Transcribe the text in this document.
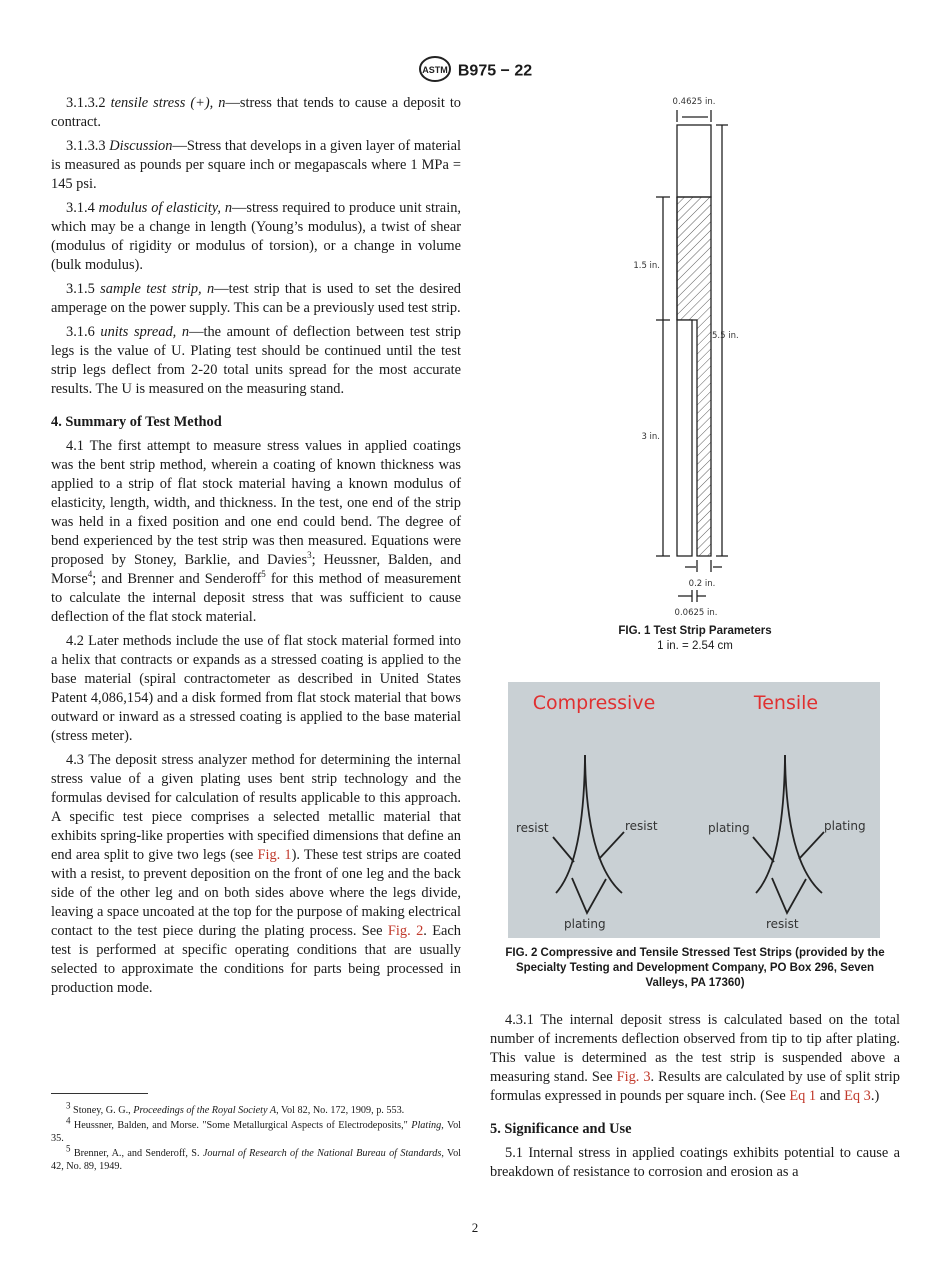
ASTM B975 − 22

3.1.3.2 tensile stress (+), n—stress that tends to cause a deposit to contract.

3.1.3.3 Discussion—Stress that develops in a given layer of material is measured as pounds per square inch or megapascals where 1 MPa = 145 psi.

3.1.4 modulus of elasticity, n—stress required to produce unit strain, which may be a change in length (Young’s modulus), a twist of shear (modulus of rigidity or modulus of torsion), or a change in volume (bulk modulus).

3.1.5 sample test strip, n—test strip that is used to set the desired amperage on the power supply. This can be a previously used test strip.

3.1.6 units spread, n—the amount of deflection between test strip legs is the value of U. Plating test should be continued until the test strip legs deflect from 2-20 total units spread for the most accurate results. The U is measured on the measuring stand.

4. Summary of Test Method

4.1 The first attempt to measure stress values in applied coatings was the bent strip method, wherein a coating of known thickness was applied to a strip of flat stock material having a known modulus of elasticity, length, width, and thickness. In the test, one end of the strip was held in a fixed position and one end could bend. The degree of bend experienced by the test strip was then measured. Equations were proposed by Stoney, Barklie, and Davies$^3$; Heussner, Balden, and Morse$^4$; and Brenner and Senderoff$^5$ for this method of measurement to calculate the internal deposit stress that was sufficient to cause deflection of the flat stock material.

4.2 Later methods include the use of flat stock material formed into a helix that contracts or expands as a stressed coating is applied to the base material (spiral contractometer as described in United States Patent 4,086,154) and a disk formed from flat stock material that bows outward or inward as a stressed coating is applied to the base material (stress meter).

4.3 The deposit stress analyzer method for determining the internal stress value of a given plating uses bent strip technology and the formulas devised for calculation of results applicable to this approach. A specific test piece comprises a selected metallic material that exhibits spring-like properties with specified dimensions that define an end area split to give two legs (see Fig. 1). These test strips are coated with a resist, to prevent deposition on the front of one leg and the back side of the other leg and on both sides above where the legs divide, leaving a space uncoated at the top for the purpose of making electrical contact to the test piece during the plating process. See Fig. 2. Each test is performed at specific operating conditions that are usually selected to approximate the conditions for parts being processed in production mode.

$^3$ Stoney, G. G., Proceedings of the Royal Society A, Vol 82, No. 172, 1909, p. 553.

$^4$ Heussner, Balden, and Morse. "Some Metallurgical Aspects of Electrodeposits," Plating, Vol 35.

$^5$ Brenner, A., and Senderoff, S. Journal of Research of the National Bureau of Standards, Vol 42, No. 89, 1949.

0.4625 in.
1.5 in.
5.5 in.
3 in.
0.2 in.
0.0625 in.
FIG. 1 Test Strip Parameters
1 in. = 2.54 cm
Compressive	Tensile
resist	resist
plating
plating	plating
resist
FIG. 2 Compressive and Tensile Stressed Test Strips (provided by the Specialty Testing and Development Company, PO Box 296, Seven Valleys, PA 17360)

4.3.1 The internal deposit stress is calculated based on the total number of increments deflection observed from tip to tip after plating. This value is determined as the test strip is suspended above a measuring stand. See Fig. 3. Results are calculated by use of split strip formulas expressed in pounds per square inch. (See Eq 1 and Eq 3.)

5. Significance and Use

5.1 Internal stress in applied coatings exhibits potential to cause a breakdown of resistance to corrosion and erosion as a

2
